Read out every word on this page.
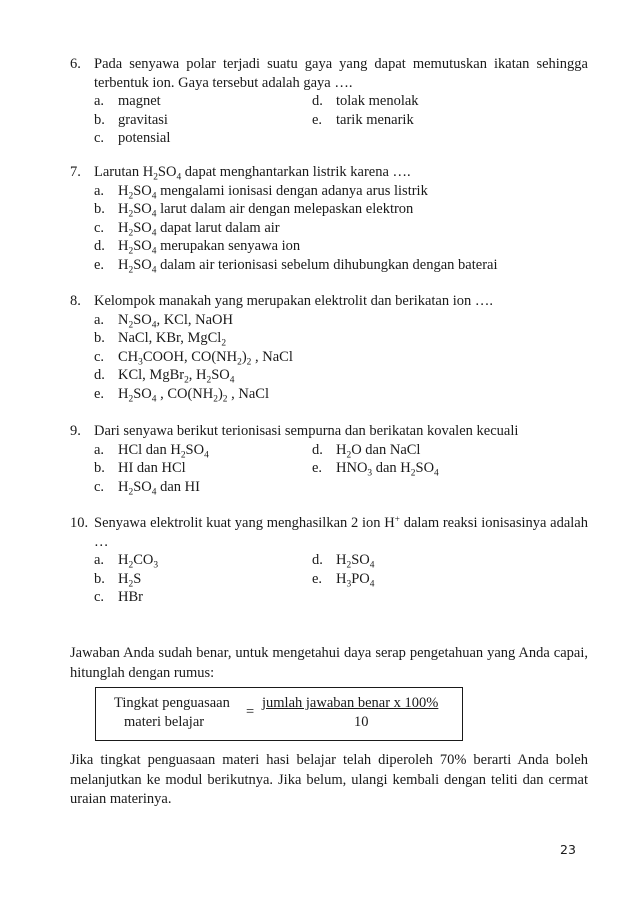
6. Pada senyawa polar terjadi suatu gaya yang dapat memutuskan ikatan sehingga terbentuk ion. Gaya tersebut adalah gaya ….
a. magnet
b. gravitasi
c. potensial
d. tolak menolak
e. tarik menarik
7. Larutan $H_2SO_4$ dapat menghantarkan listrik karena ….
a. $H_2SO_4$ mengalami ionisasi dengan adanya arus listrik
b. $H_2SO_4$ larut dalam air dengan melepaskan elektron
c. $H_2SO_4$ dapat larut dalam air
d. $H_2SO_4$ merupakan senyawa ion
e. $H_2SO_4$ dalam air terionisasi sebelum dihubungkan dengan baterai
8. Kelompok manakah yang merupakan elektrolit dan berikatan ion ….
a. $N_2SO_4$, KCl, NaOH
b. NaCl, KBr, MgCl$_2$
c. $CH_3COOH$, $CO(NH_2)_2$ , NaCl
d. KCl, MgBr$_2$, $H_2SO_4$
e. $H_2SO_4$ , $CO(NH_2)_2$ , NaCl
9. Dari senyawa berikut terionisasi sempurna dan berikatan kovalen kecuali
a. HCl dan $H_2SO_4$
b. HI dan HCl
c. $H_2SO_4$ dan HI
d. $H_2O$ dan NaCl
e. $HNO_3$ dan $H_2SO_4$
10. Senyawa elektrolit kuat yang menghasilkan 2 ion H+ dalam reaksi ionisasinya adalah …
a. $H_2CO_3$
b. $H_2S$
c. HBr
d. $H_2SO_4$
e. $H_3PO_4$
Jawaban Anda sudah benar, untuk mengetahui daya serap pengetahuan yang Anda capai, hitunglah dengan rumus:
Tingkat penguasaan
materi belajar
=
jumlah jawaban benar x 100%
10
Jika tingkat penguasaan materi hasi belajar telah diperoleh 70% berarti Anda boleh melanjutkan ke modul berikutnya. Jika belum, ulangi kembali dengan teliti dan cermat uraian materinya.
23
